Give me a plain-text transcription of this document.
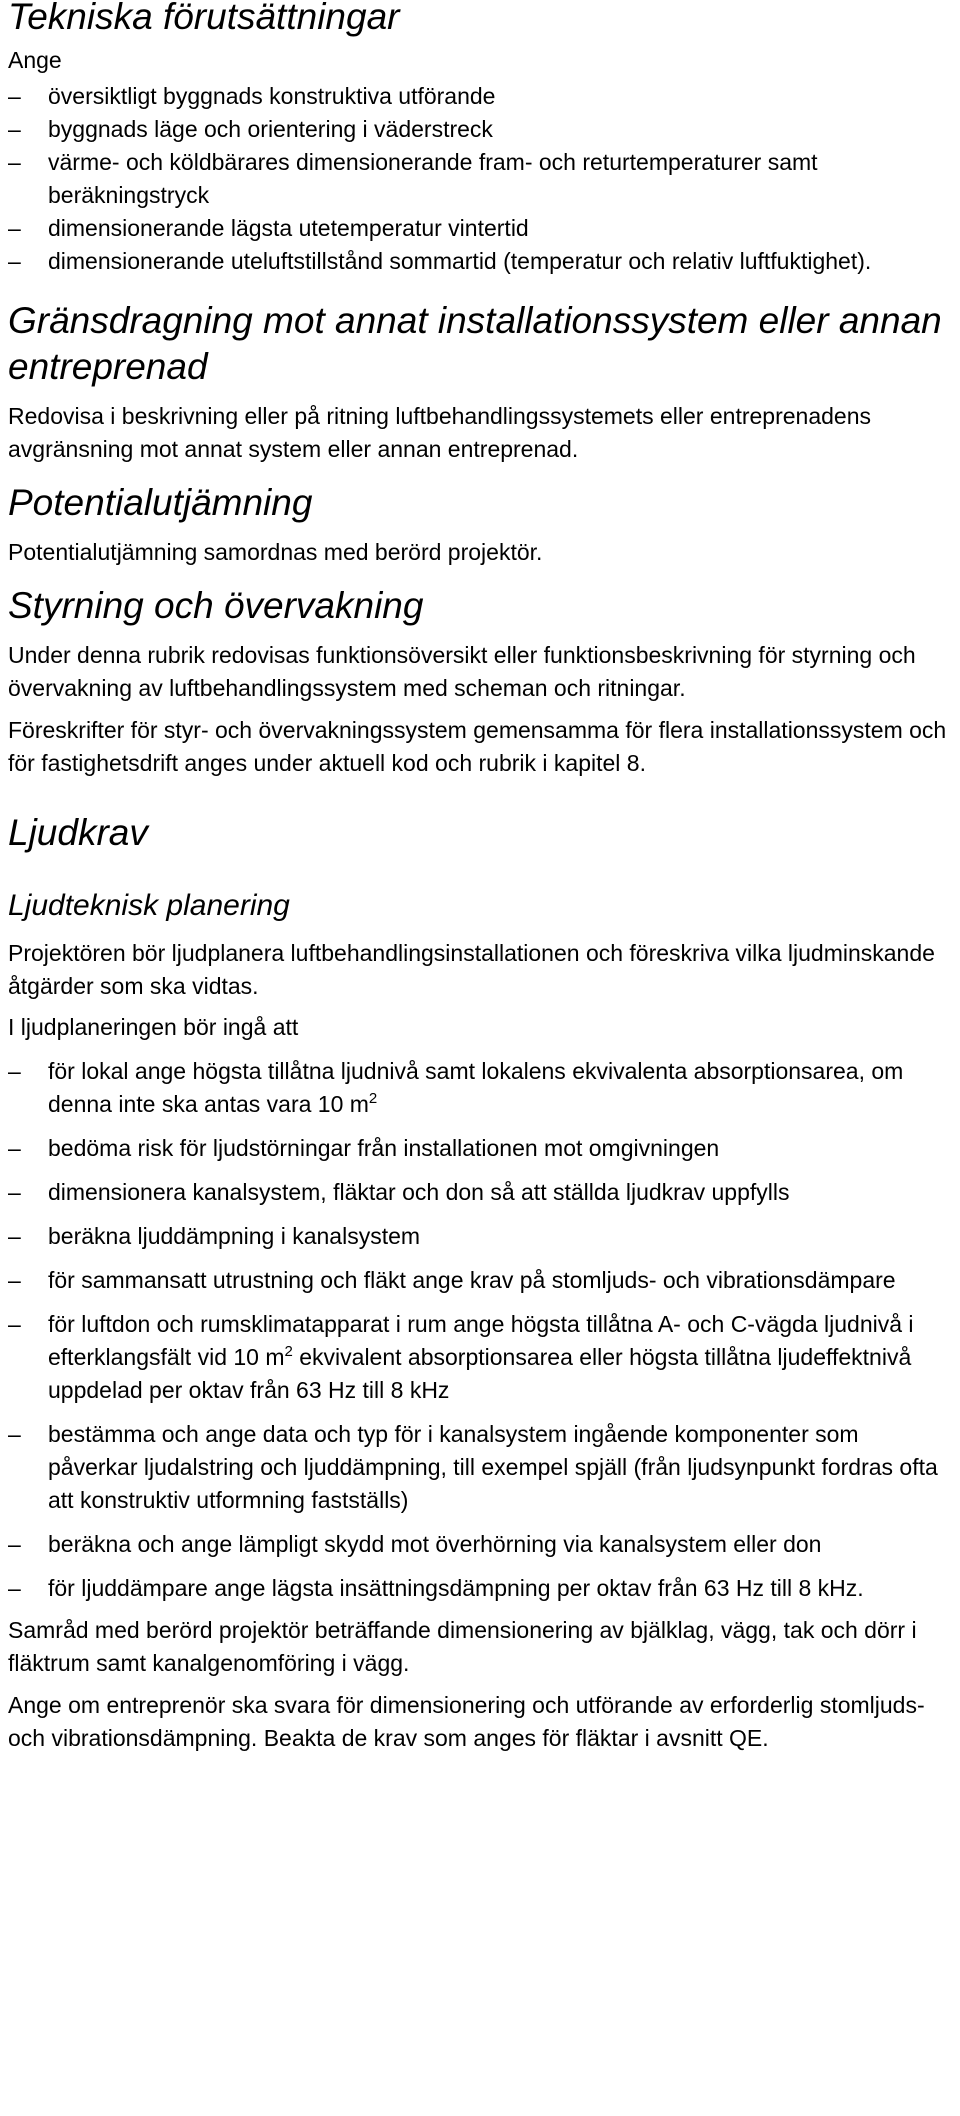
Tekniska förutsättningar

Ange

–	översiktligt byggnads konstruktiva utförande
–	byggnads läge och orientering i väderstreck
–	värme- och köldbärares dimensionerande fram- och returtemperaturer samt beräkningstryck
–	dimensionerande lägsta utetemperatur vintertid
–	dimensionerande uteluftstillstånd sommartid (temperatur och relativ luftfuktighet).
Gränsdragning mot annat installationssystem eller annan entreprenad

Redovisa i beskrivning eller på ritning luftbehandlingssystemets eller entreprenadens avgränsning mot annat system eller annan entreprenad.

Potentialutjämning

Potentialutjämning samordnas med berörd projektör.

Styrning och övervakning

Under denna rubrik redovisas funktionsöversikt eller funktionsbeskrivning för styrning och övervakning av luftbehandlingssystem med scheman och ritningar.

Föreskrifter för styr- och övervakningssystem gemensamma för flera installationssystem och för fastighetsdrift anges under aktuell kod och rubrik i kapitel 8.

Ljudkrav
Ljudteknisk planering

Projektören bör ljudplanera luftbehandlingsinstallationen och föreskriva vilka ljudminskande åtgärder som ska vidtas.

I ljudplaneringen bör ingå att

–	för lokal ange högsta tillåtna ljudnivå samt lokalens ekvivalenta absorptionsarea, om denna inte ska antas vara 10 $m^2$
–	bedöma risk för ljudstörningar från installationen mot omgivningen
–	dimensionera kanalsystem, fläktar och don så att ställda ljudkrav uppfylls
–	beräkna ljuddämpning i kanalsystem
–	för sammansatt utrustning och fläkt ange krav på stomljuds- och vibrationsdämpare
–	för luftdon och rumsklimatapparat i rum ange högsta tillåtna A- och C-vägda ljudnivå i efterklangsfält vid 10 $m^2$ ekvivalent absorptionsarea eller högsta tillåtna ljudeffektnivå uppdelad per oktav från 63 Hz till 8 kHz
–	bestämma och ange data och typ för i kanalsystem ingående komponenter som påverkar ljudalstring och ljuddämpning, till exempel spjäll (från ljudsynpunkt fordras ofta att konstruktiv utformning fastställs)
–	beräkna och ange lämpligt skydd mot överhörning via kanalsystem eller don
–	för ljuddämpare ange lägsta insättningsdämpning per oktav från 63 Hz till 8 kHz.

Samråd med berörd projektör beträffande dimensionering av bjälklag, vägg, tak och dörr i fläktrum samt kanalgenomföring i vägg.

Ange om entreprenör ska svara för dimensionering och utförande av erforderlig stomljuds- och vibrationsdämpning. Beakta de krav som anges för fläktar i avsnitt QE.
